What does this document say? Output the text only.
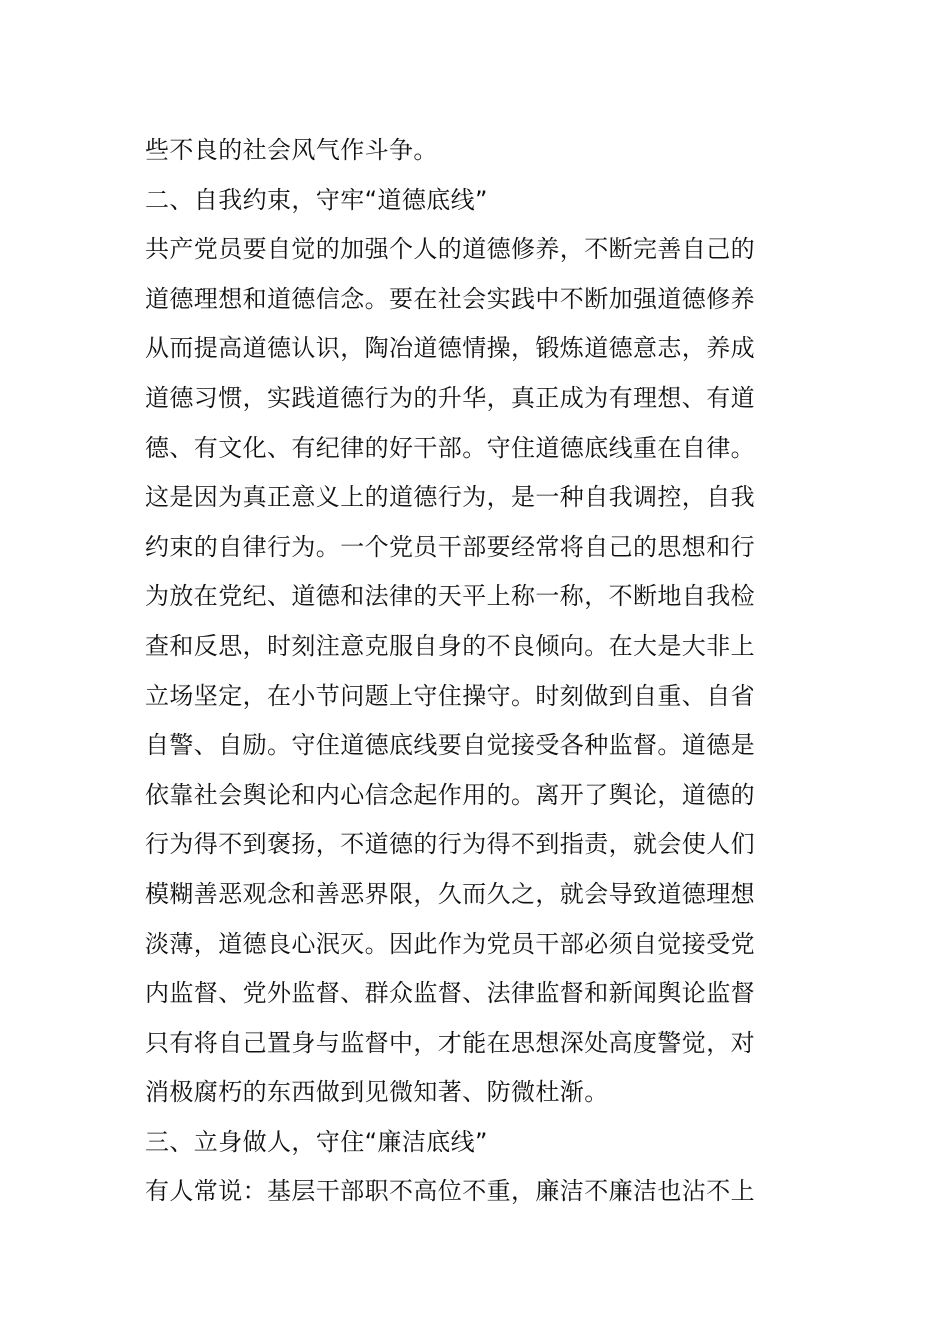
些不良的社会风气作斗争。
二、自我约束，守牢“道德底线”
共产党员要自觉的加强个人的道德修养，不断完善自己的
道德理想和道德信念。要在社会实践中不断加强道德修养
从而提高道德认识，陶冶道德情操，锻炼道德意志，养成
道德习惯，实践道德行为的升华，真正成为有理想、有道
德、有文化、有纪律的好干部。守住道德底线重在自律。
这是因为真正意义上的道德行为，是一种自我调控，自我
约束的自律行为。一个党员干部要经常将自己的思想和行
为放在党纪、道德和法律的天平上称一称，不断地自我检
查和反思，时刻注意克服自身的不良倾向。在大是大非上
立场坚定，在小节问题上守住操守。时刻做到自重、自省
自警、自励。守住道德底线要自觉接受各种监督。道德是
依靠社会舆论和内心信念起作用的。离开了舆论，道德的
行为得不到褒扬，不道德的行为得不到指责，就会使人们
模糊善恶观念和善恶界限，久而久之，就会导致道德理想
淡薄，道德良心泯灭。因此作为党员干部必须自觉接受党
内监督、党外监督、群众监督、法律监督和新闻舆论监督
只有将自己置身与监督中，才能在思想深处高度警觉，对
消极腐朽的东西做到见微知著、防微杜渐。
三、立身做人，守住“廉洁底线”
有人常说：基层干部职不高位不重，廉洁不廉洁也沾不上
